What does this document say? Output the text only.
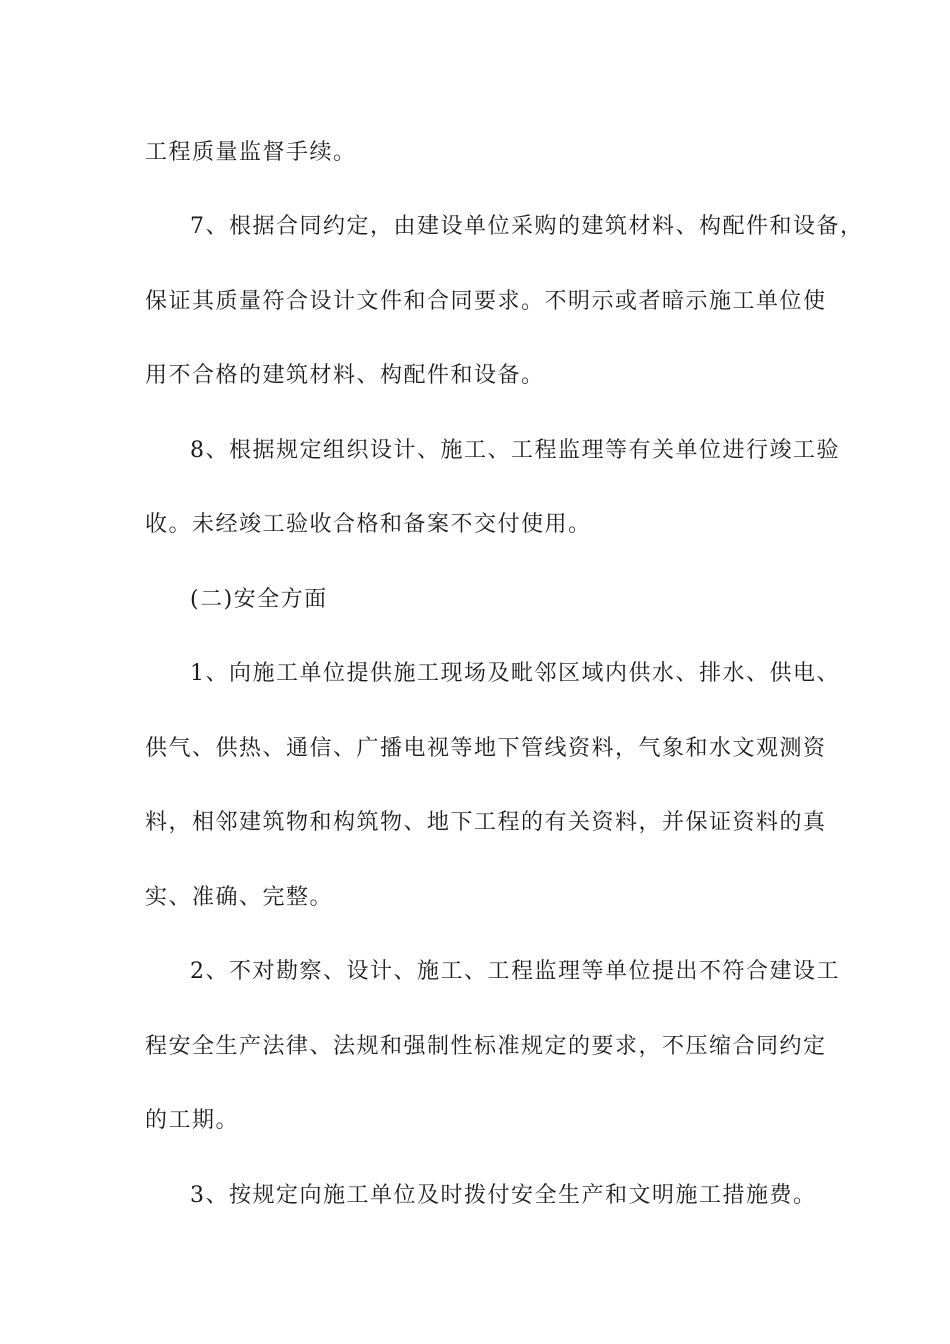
工程质量监督手续。
7、根据合同约定，由建设单位采购的建筑材料、构配件和设备，
保证其质量符合设计文件和合同要求。不明示或者暗示施工单位使
用不合格的建筑材料、构配件和设备。
8、根据规定组织设计、施工、工程监理等有关单位进行竣工验
收。未经竣工验收合格和备案不交付使用。
(二)安全方面
1、向施工单位提供施工现场及毗邻区域内供水、排水、供电、
供气、供热、通信、广播电视等地下管线资料，气象和水文观测资
料，相邻建筑物和构筑物、地下工程的有关资料，并保证资料的真
实、准确、完整。
2、不对勘察、设计、施工、工程监理等单位提出不符合建设工
程安全生产法律、法规和强制性标准规定的要求，不压缩合同约定
的工期。
3、按规定向施工单位及时拨付安全生产和文明施工措施费。
